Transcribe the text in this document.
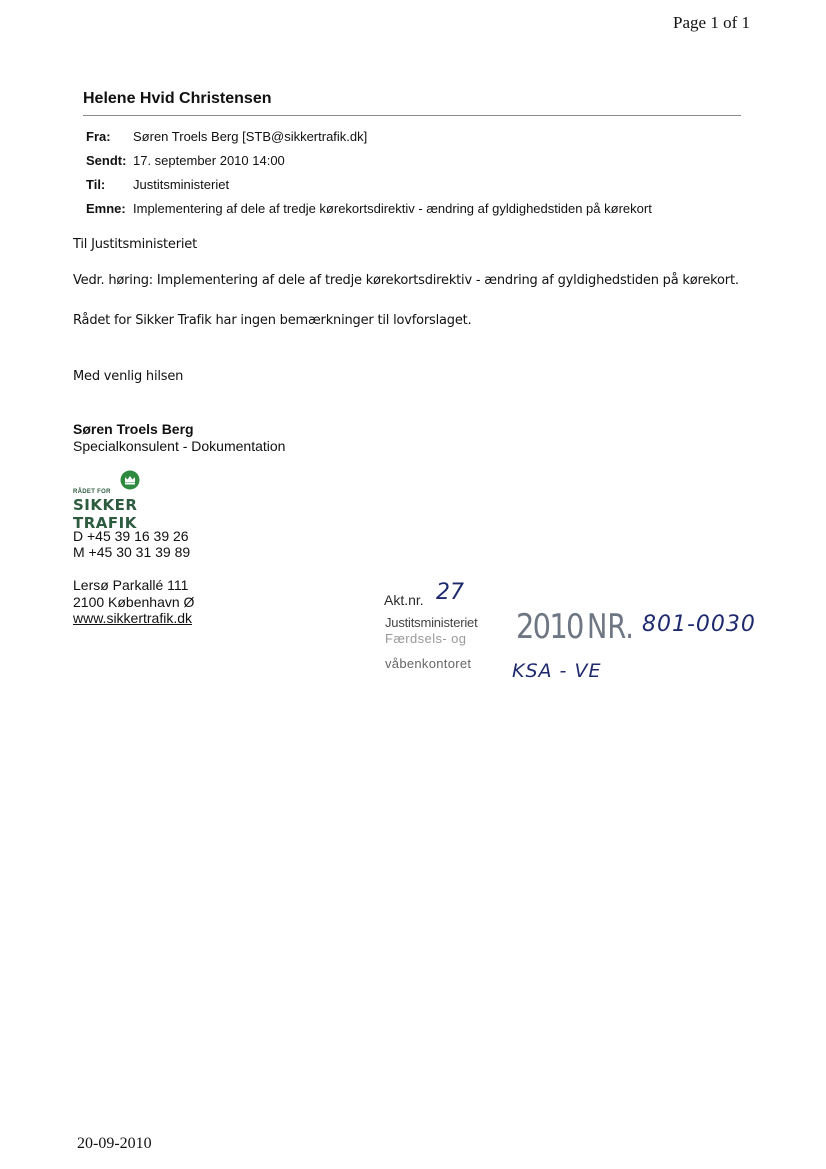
Page 1 of 1
Helene Hvid Christensen
Fra:	Søren Troels Berg [STB@sikkertrafik.dk]
Sendt: 17. september 2010 14:00
Til:	Justitsministeriet
Emne: Implementering af dele af tredje kørekortsdirektiv - ændring af gyldighedstiden på kørekort
Til Justitsministeriet
Vedr. høring: Implementering af dele af tredje kørekortsdirektiv - ændring af gyldighedstiden på kørekort.
Rådet for Sikker Trafik har ingen bemærkninger til lovforslaget.
Med venlig hilsen
Søren Troels Berg
Specialkonsulent - Dokumentation
RÅDET FOR
SIKKER TRAFIK
D +45 39 16 39 26
M +45 30 31 39 89
Lersø Parkallé 111
2100 København Ø
www.sikkertrafik.dk
Akt.nr. 27
Justitsministeriet
Færdsels- og
våbenkontoret
2010 NR. 801-0030
KSA - VE
20-09-2010
